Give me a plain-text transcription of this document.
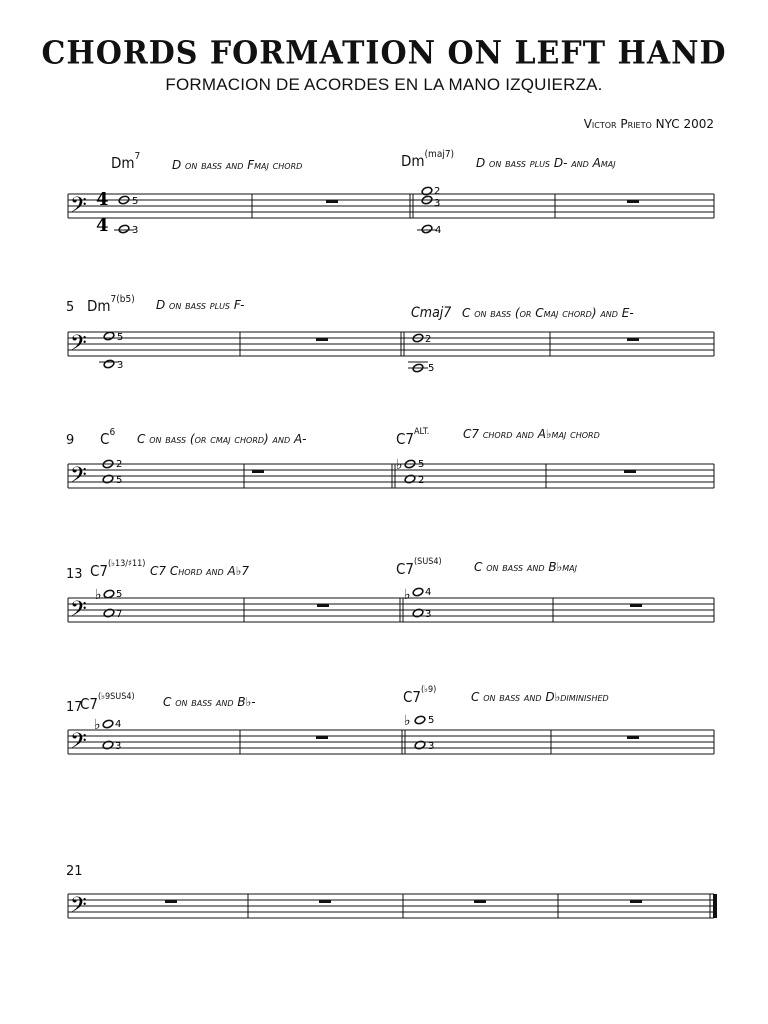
CHORDS FORMATION ON LEFT HAND
FORMACION DE ACORDES EN LA MANO IZQUIERZA.
Victor Prieto NYC 2002
Dm$^7$
D on bass and Fmaj chord	$Dm^{(maj7)}$
D on bass plus D- and Amaj
𝄢 4
4
5
3
2
3
4
5 $Dm^{7(b5)}$ D on bass plus F-	Cmaj7 C on bass (or Cmaj chord) and E-
𝄢	5
3
2
5
9 $C^6$ C on bass (or cmaj chord) and A-	$C7^{ALT.}$	C7 chord and A♭maj chord
𝄢	2
5
♭ 5
2
13 $C7^{(♭13/♯11)}$ C7 Chord and A♭7	$C7^{(SUS4)}$	C on bass and B♭maj
𝄢
♭ 5
7
♭ 4
3
17
$C7^{(♭9SUS4)}$ C on bass and B♭-	$C7^{(♭9)}$	C on bass and D♭diminished
𝄢
♭ 4
3
♭ 5
3
21
𝄢
